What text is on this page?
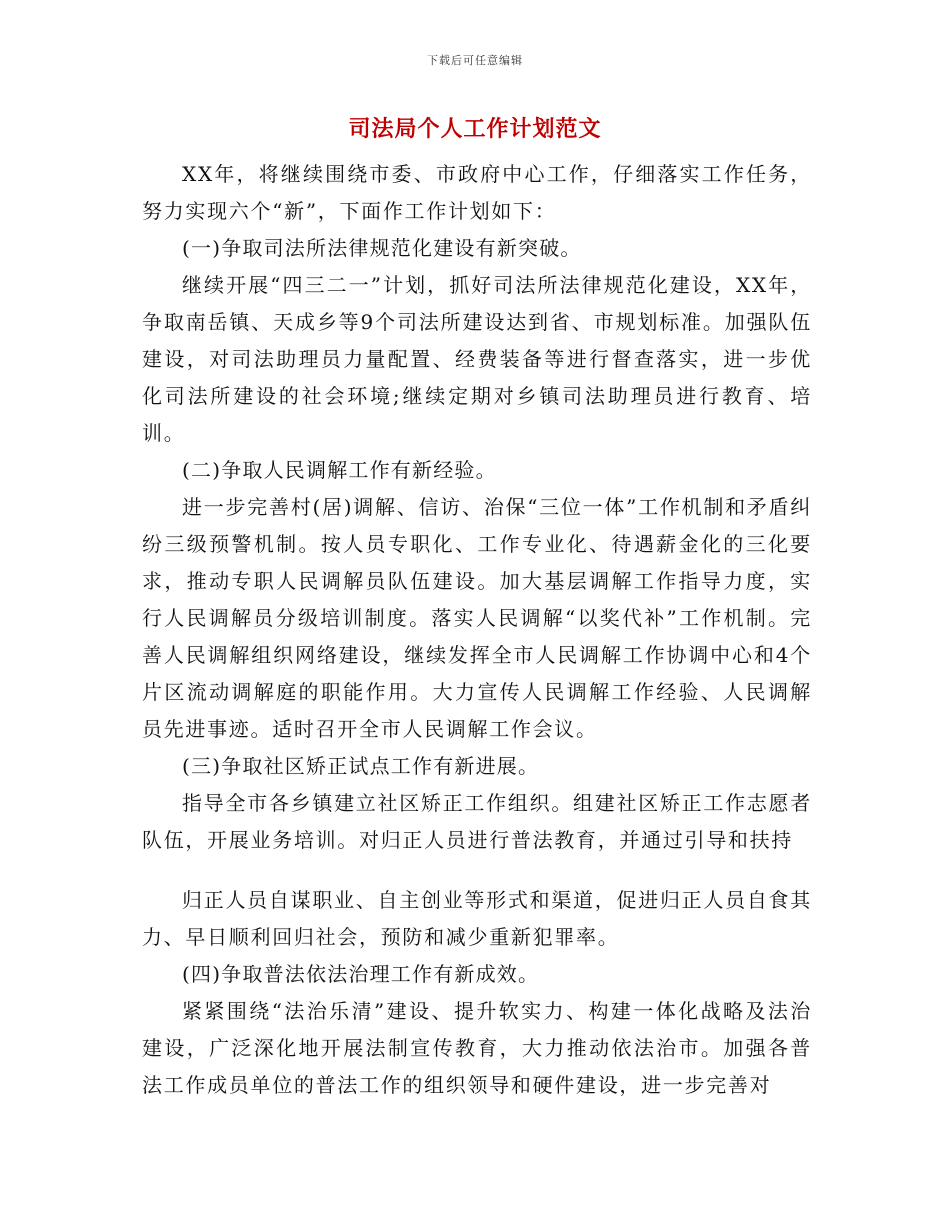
下载后可任意编辑
司法局个人工作计划范文

XX年，将继续围绕市委、市政府中心工作，仔细落实工作任务，努力实现六个“新”，下面作工作计划如下：

(一)争取司法所法律规范化建设有新突破。

继续开展“四三二一”计划，抓好司法所法律规范化建设，XX年，争取南岳镇、天成乡等9个司法所建设达到省、市规划标准。加强队伍建设，对司法助理员力量配置、经费装备等进行督查落实，进一步优化司法所建设的社会环境;继续定期对乡镇司法助理员进行教育、培训。

(二)争取人民调解工作有新经验。

进一步完善村(居)调解、信访、治保“三位一体”工作机制和矛盾纠纷三级预警机制。按人员专职化、工作专业化、待遇薪金化的三化要求，推动专职人民调解员队伍建设。加大基层调解工作指导力度，实行人民调解员分级培训制度。落实人民调解“以奖代补”工作机制。完善人民调解组织网络建设，继续发挥全市人民调解工作协调中心和4个片区流动调解庭的职能作用。大力宣传人民调解工作经验、人民调解员先进事迹。适时召开全市人民调解工作会议。

(三)争取社区矫正试点工作有新进展。

指导全市各乡镇建立社区矫正工作组织。组建社区矫正工作志愿者队伍，开展业务培训。对归正人员进行普法教育，并通过引导和扶持

归正人员自谋职业、自主创业等形式和渠道，促进归正人员自食其力、早日顺利回归社会，预防和减少重新犯罪率。

(四)争取普法依法治理工作有新成效。

紧紧围绕“法治乐清”建设、提升软实力、构建一体化战略及法治建设，广泛深化地开展法制宣传教育，大力推动依法治市。加强各普法工作成员单位的普法工作的组织领导和硬件建设，进一步完善对
